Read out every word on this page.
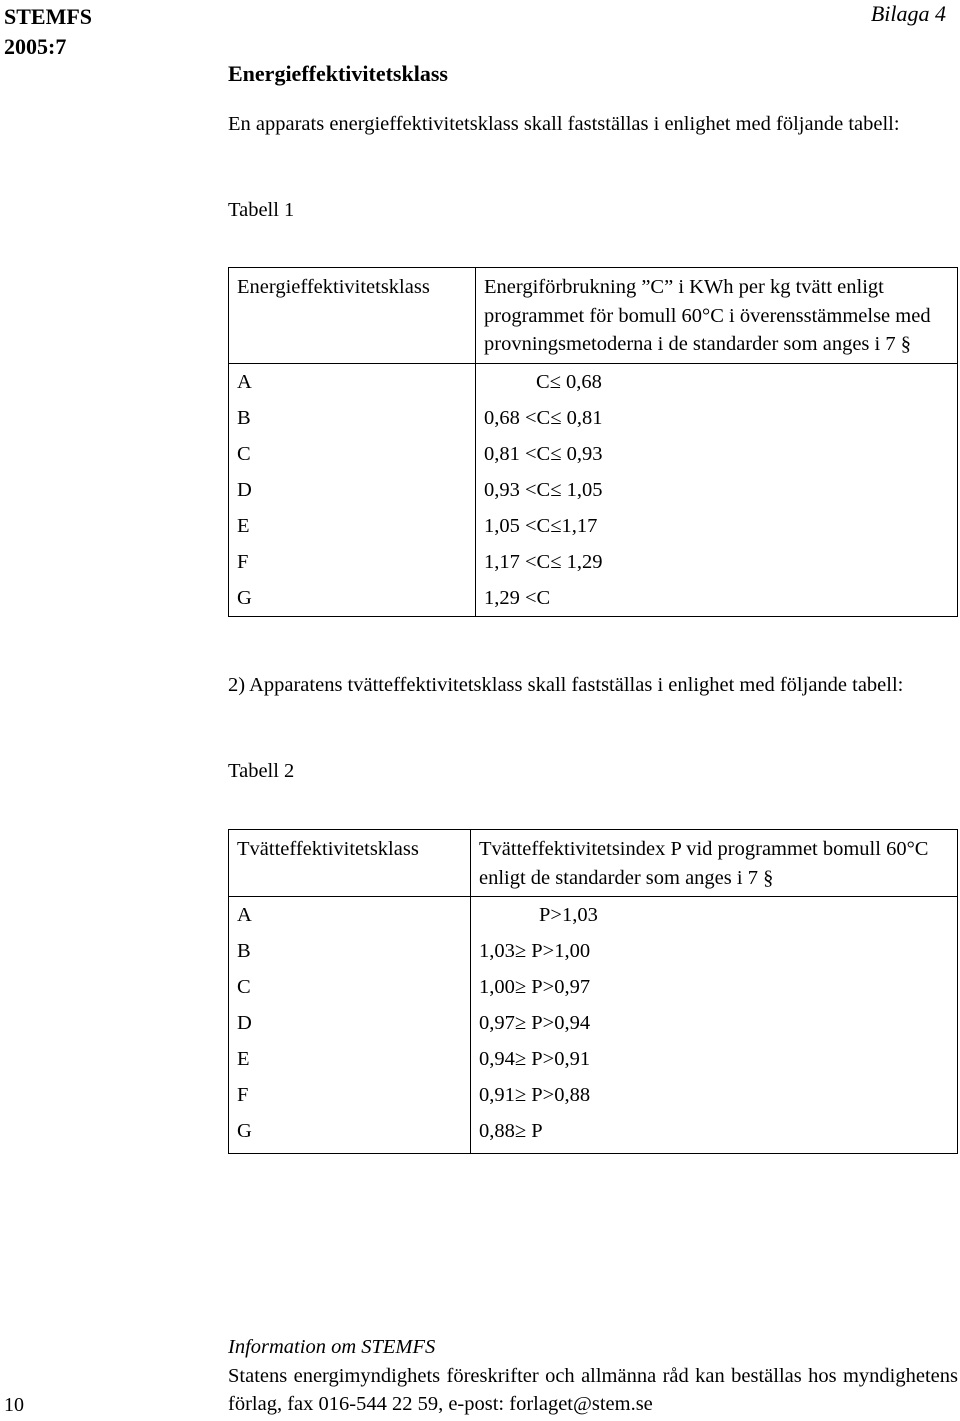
STEMFS
2005:7
Bilaga 4
Energieffektivitetsklass
En apparats energieffektivitetsklass skall fastställas i enlighet med följande tabell:
Tabell 1
Energieffektivitetsklass	Energiförbrukning ”C” i KWh per kg tvätt enligt programmet för bomull 60°C i överensstämmelse med provningsmetoderna i de standarder som anges i 7 §
A	C≤ 0,68
B	0,68 <C≤ 0,81
C	0,81 <C≤ 0,93
D	0,93 <C≤ 1,05
E	1,05 <C≤1,17
F	1,17 <C≤ 1,29
G	1,29 <C
2) Apparatens tvätteffektivitetsklass skall fastställas i enlighet med följande tabell:
Tabell 2
Tvätteffektivitetsklass	Tvätteffektivitetsindex P vid programmet bomull 60°C enligt de standarder som anges i 7 §
A	P>1,03
B	1,03≥ P>1,00
C	1,00≥ P>0,97
D	0,97≥ P>0,94
E	0,94≥ P>0,91
F	0,91≥ P>0,88
G	0,88≥ P
Information om STEMFS
Statens energimyndighets föreskrifter och allmänna råd kan beställas hos myndighetens förlag, fax 016-544 22 59, e-post: forlaget@stem.se
10
